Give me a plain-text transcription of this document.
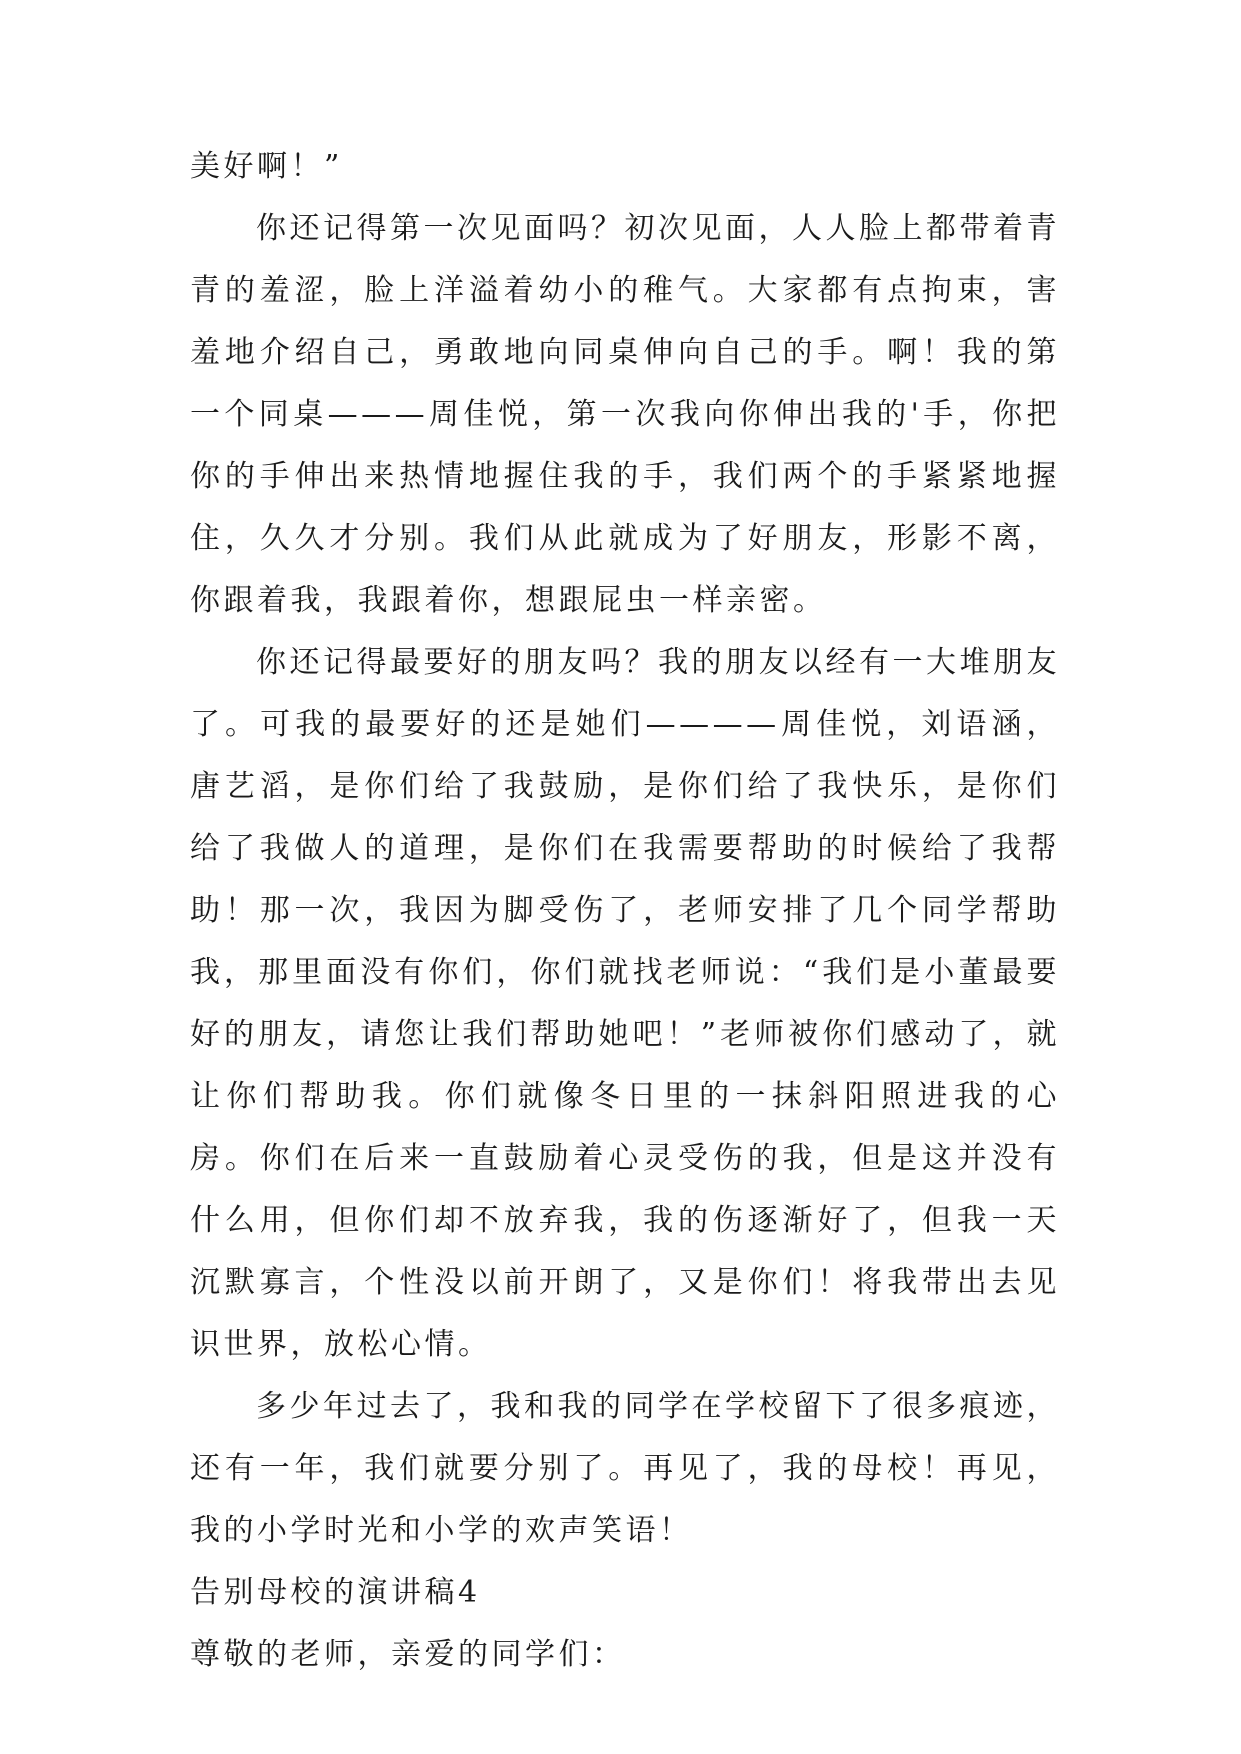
美好啊！”

你还记得第一次见面吗？初次见面，人人脸上都带着青青的羞涩，脸上洋溢着幼小的稚气。大家都有点拘束，害羞地介绍自己，勇敢地向同桌伸向自己的手。啊！我的第一个同桌———周佳悦，第一次我向你伸出我的'手，你把你的手伸出来热情地握住我的手，我们两个的手紧紧地握住，久久才分别。我们从此就成为了好朋友，形影不离，你跟着我，我跟着你，想跟屁虫一样亲密。

你还记得最要好的朋友吗？我的朋友以经有一大堆朋友了。可我的最要好的还是她们————周佳悦，刘语涵，唐艺滔，是你们给了我鼓励，是你们给了我快乐，是你们给了我做人的道理，是你们在我需要帮助的时候给了我帮助！那一次，我因为脚受伤了，老师安排了几个同学帮助我，那里面没有你们，你们就找老师说：“我们是小董最要好的朋友，请您让我们帮助她吧！”老师被你们感动了，就让你们帮助我。你们就像冬日里的一抹斜阳照进我的心房。你们在后来一直鼓励着心灵受伤的我，但是这并没有什么用，但你们却不放弃我，我的伤逐渐好了，但我一天沉默寡言，个性没以前开朗了，又是你们！将我带出去见识世界，放松心情。

多少年过去了，我和我的同学在学校留下了很多痕迹，还有一年，我们就要分别了。再见了，我的母校！再见，我的小学时光和小学的欢声笑语！

告别母校的演讲稿4

尊敬的老师，亲爱的同学们：
